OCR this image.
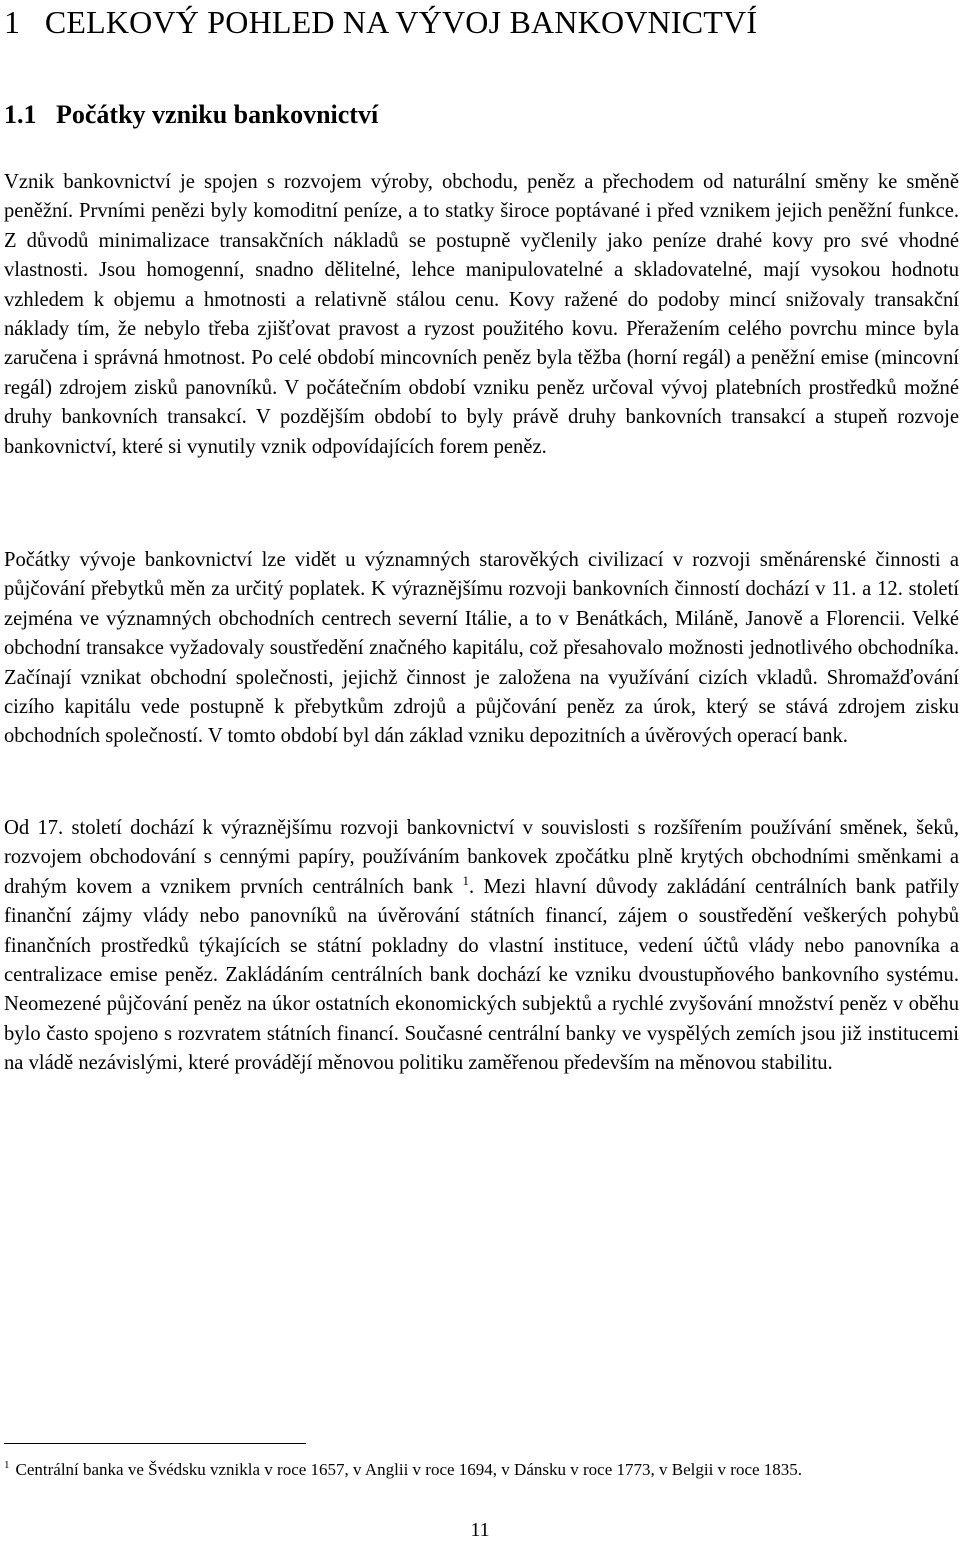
1 CELKOVÝ POHLED NA VÝVOJ BANKOVNICTVÍ
1.1 Počátky vzniku bankovnictví

Vznik bankovnictví je spojen s rozvojem výroby, obchodu, peněz a přechodem od naturální směny ke směně peněžní. Prvními penězi byly komoditní peníze, a to statky široce poptávané i před vznikem jejich peněžní funkce. Z důvodů minimalizace transakčních nákladů se postupně vyčlenily jako peníze drahé kovy pro své vhodné vlastnosti. Jsou homogenní, snadno dělitelné, lehce manipulovatelné a skladovatelné, mají vysokou hodnotu vzhledem k objemu a hmotnosti a relativně stálou cenu. Kovy ražené do podoby mincí snižovaly transakční náklady tím, že nebylo třeba zjišťovat pravost a ryzost použitého kovu. Přeražením celého povrchu mince byla zaručena i správná hmotnost. Po celé období mincovních peněz byla těžba (horní regál) a peněžní emise (mincovní regál) zdrojem zisků panovníků. V počátečním období vzniku peněz určoval vývoj platebních prostředků možné druhy bankovních transakcí. V pozdějším období to byly právě druhy bankovních transakcí a stupeň rozvoje bankovnictví, které si vynutily vznik odpovídajících forem peněz.

Počátky vývoje bankovnictví lze vidět u významných starověkých civilizací v rozvoji směnárenské činnosti a půjčování přebytků měn za určitý poplatek. K výraznějšímu rozvoji bankovních činností dochází v 11. a 12. století zejména ve významných obchodních centrech severní Itálie, a to v Benátkách, Miláně, Janově a Florencii. Velké obchodní transakce vyžadovaly soustředění značného kapitálu, což přesahovalo možnosti jednotlivého obchodníka. Začínají vznikat obchodní společnosti, jejichž činnost je založena na využívání cizích vkladů. Shromažďování cizího kapitálu vede postupně k přebytkům zdrojů a půjčování peněz za úrok, který se stává zdrojem zisku obchodních společností. V tomto období byl dán základ vzniku depozitních a úvěrových operací bank.

Od 17. století dochází k výraznějšímu rozvoji bankovnictví v souvislosti s rozšířením používání směnek, šeků, rozvojem obchodování s cennými papíry, používáním bankovek zpočátku plně krytých obchodními směnkami a drahým kovem a vznikem prvních centrálních bank $^1$. Mezi hlavní důvody zakládání centrálních bank patřily finanční zájmy vlády nebo panovníků na úvěrování státních financí, zájem o soustředění veškerých pohybů finančních prostředků týkajících se státní pokladny do vlastní instituce, vedení účtů vlády nebo panovníka a centralizace emise peněz. Zakládáním centrálních bank dochází ke vzniku dvoustupňového bankovního systému. Neomezené půjčování peněz na úkor ostatních ekonomických subjektů a rychlé zvyšování množství peněz v oběhu bylo často spojeno s rozvratem státních financí. Současné centrální banky ve vyspělých zemích jsou již institucemi na vládě nezávislými, které provádějí měnovou politiku zaměřenou především na měnovou stabilitu.

$^1$ Centrální banka ve Švédsku vznikla v roce 1657, v Anglii v roce 1694, v Dánsku v roce 1773, v Belgii v roce 1835.

11
